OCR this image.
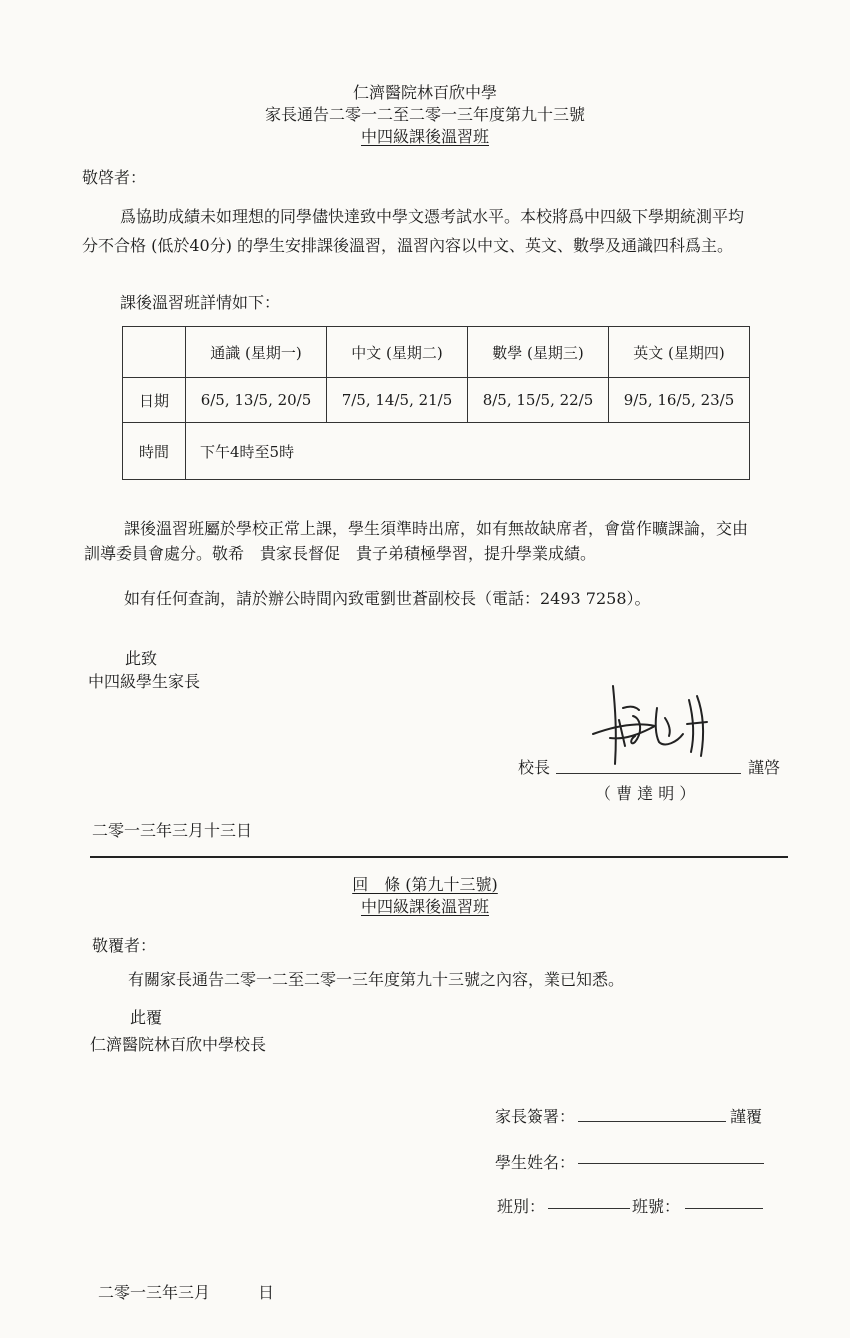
仁濟醫院林百欣中學
家長通告二零一二至二零一三年度第九十三號
中四級課後溫習班
敬啓者：
爲協助成績未如理想的同學儘快達致中學文憑考試水平。本校將爲中四級下學期統測平均
分不合格 (低於40分) 的學生安排課後溫習，溫習內容以中文、英文、數學及通識四科爲主。
課後溫習班詳情如下：
	通識 (星期一)	中文 (星期二)	數學 (星期三)	英文 (星期四)
日期	6/5, 13/5, 20/5	7/5, 14/5, 21/5	8/5, 15/5, 22/5	9/5, 16/5, 23/5
時間	下午4時至5時			
課後溫習班屬於學校正常上課，學生須準時出席，如有無故缺席者，會當作曠課論，交由
訓導委員會處分。敬希　貴家長督促　貴子弟積極學習，提升學業成績。
如有任何查詢，請於辦公時間內致電劉世蒼副校長（電話：2493 7258）。
此致
中四級學生家長
校長	謹啓
（ 曹 達 明 ）
二零一三年三月十三日
回　條 (第九十三號)
中四級課後溫習班
敬覆者：
有關家長通告二零一二至二零一三年度第九十三號之內容，業已知悉。
此覆
仁濟醫院林百欣中學校長
家長簽署：	謹覆
學生姓名：
班別：	班號：
二零一三年三月　　　日
